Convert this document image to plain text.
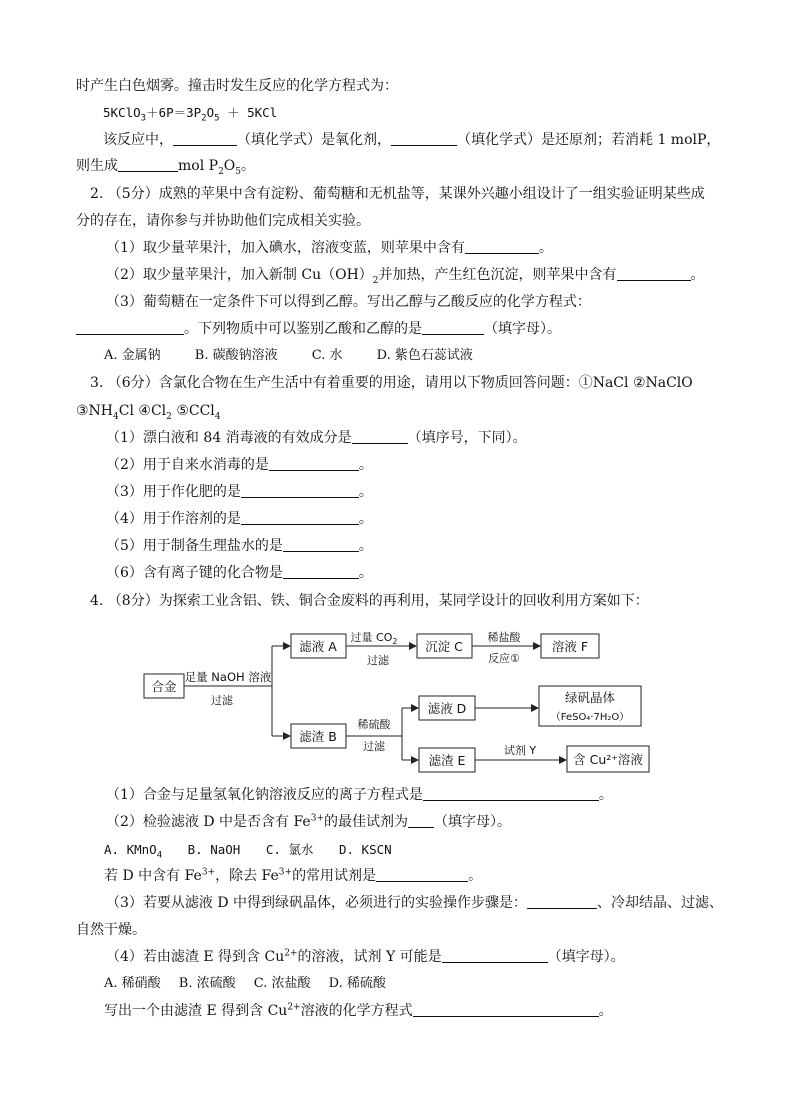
时产生白色烟雾。撞击时发生反应的化学方程式为：
$5KClO_3+6P=3P_2O_5 + 5KCl$
该反应中，	（填化学式）是氧化剂，	（填化学式）是还原剂；若消耗 1 molP，
则生成	mol $P_2O_5$。
2. （5分）成熟的苹果中含有淀粉、葡萄糖和无机盐等，某课外兴趣小组设计了一组实验证明某些成
分的存在，请你参与并协助他们完成相关实验。
（1）取少量苹果汁，加入碘水，溶液变蓝，则苹果中含有	。
（2）取少量苹果汁，加入新制 $Cu(OH)_2$并加热，产生红色沉淀，则苹果中含有	。
（3）葡萄糖在一定条件下可以得到乙醇。写出乙醇与乙酸反应的化学方程式：
。下列物质中可以鉴别乙酸和乙醇的是	（填字母）。
A. 金属钠	B. 碳酸钠溶液	C. 水	D. 紫色石蕊试液
3. （6分）含氯化合物在生产生活中有着重要的用途，请用以下物质回答问题：①NaCl ②NaClO
$③NH_4Cl$ $④Cl_2$ ⑤CCl$_4$
（1）漂白液和 84 消毒液的有效成分是	（填序号，下同）。
（2）用于自来水消毒的是	。
（3）用于作化肥的是	。
（4）用于作溶剂的是	。
（5）用于制备生理盐水的是	。
（6）含有离子键的化合物是	。
4. （8分）为探索工业含铝、铁、铜合金废料的再利用，某同学设计的回收利用方案如下：
合金
足量 NaOH 溶液
过滤
滤液 A
过量 $CO_2$
过滤
沉淀 C
稀盐酸
反应①
溶液 F
滤渣 B
稀硫酸
过滤
滤液 D
绿矾晶体
（FeSO₄·7H₂O）
滤渣 E
试剂 Y
含 Cu²⁺溶液
（1）合金与足量氢氧化钠溶液反应的离子方程式是	。
（2）检验滤液 D 中是否含有 $Fe^{3+}$的最佳试剂为 （填字母）。
A. KMnO$_4$ B. NaOH C. 氯水 D. KSCN
若 D 中含有 $Fe^{3+}$，除去 $Fe^{3+}$的常用试剂是	。
（3）若要从滤液 D 中得到绿矾晶体，必须进行的实验操作步骤是：	、冷却结晶、过滤、
自然干燥。
（4）若由滤渣 E 得到含 $Cu^{2+}$的溶液，试剂 Y 可能是	（填字母）。
A. 稀硝酸 B. 浓硫酸 C. 浓盐酸 D. 稀硫酸
写出一个由滤渣 E 得到含 $Cu^{2+}$溶液的化学方程式	。
